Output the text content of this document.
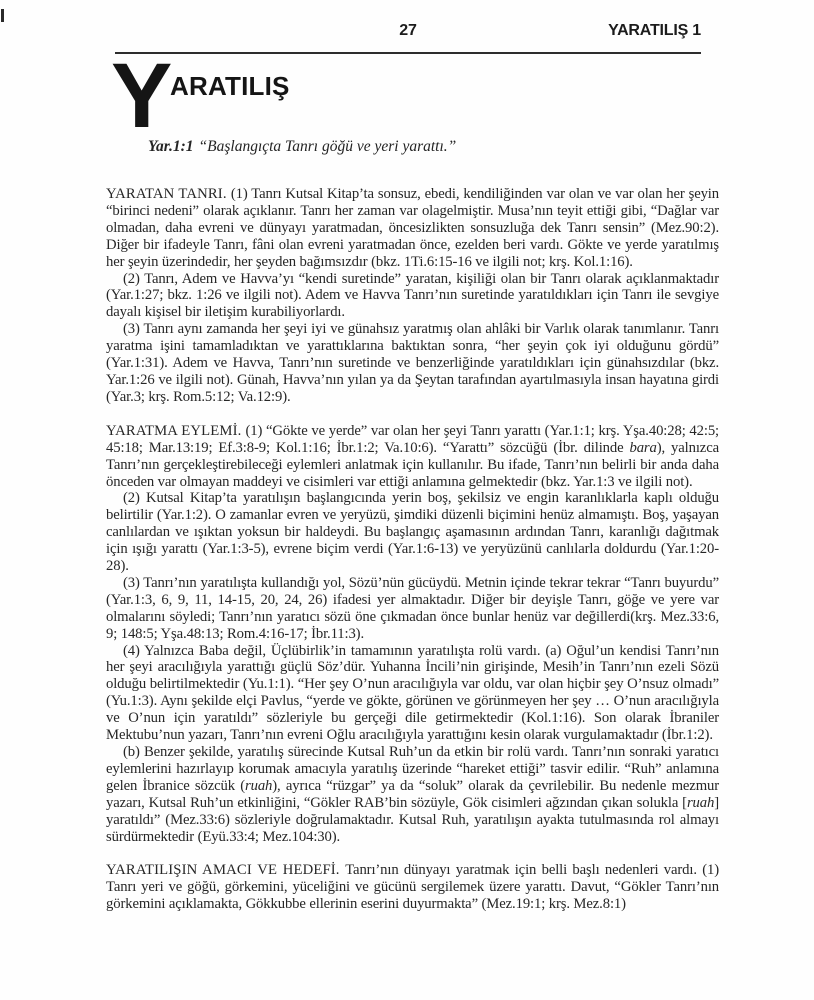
27	YARATILIŞ 1
Y ARATILIŞ
Yar.1:1 “Başlangıçta Tanrı göğü ve yeri yarattı.”

YARATAN TANRI. (1) Tanrı Kutsal Kitap’ta sonsuz, ebedi, kendiliğinden var olan ve var olan her şeyin “birinci nedeni” olarak açıklanır. Tanrı her zaman var olagelmiştir. Musa’nın teyit ettiği gibi, “Dağlar var olmadan, daha evreni ve dünyayı yaratmadan, öncesizlikten sonsuzluğa dek Tanrı sensin” (Mez.90:2). Diğer bir ifadeyle Tanrı, fâni olan evreni yaratmadan önce, ezelden beri vardı. Gökte ve yerde yaratılmış her şeyin üzerindedir, her şeyden bağımsızdır (bkz. 1Ti.6:15-16 ve ilgili not; krş. Kol.1:16).

(2) Tanrı, Adem ve Havva’yı “kendi suretinde” yaratan, kişiliği olan bir Tanrı olarak açıklanmaktadır (Yar.1:27; bkz. 1:26 ve ilgili not). Adem ve Havva Tanrı’nın suretinde yaratıldıkları için Tanrı ile sevgiye dayalı kişisel bir iletişim kurabiliyorlardı.

(3) Tanrı aynı zamanda her şeyi iyi ve günahsız yaratmış olan ahlâki bir Varlık olarak tanımlanır. Tanrı yaratma işini tamamladıktan ve yarattıklarına baktıktan sonra, “her şeyin çok iyi olduğunu gördü” (Yar.1:31). Adem ve Havva, Tanrı’nın suretinde ve benzerliğinde yaratıldıkları için günahsızdılar (bkz. Yar.1:26 ve ilgili not). Günah, Havva’nın yılan ya da Şeytan tarafından ayartılmasıyla insan hayatına girdi (Yar.3; krş. Rom.5:12; Va.12:9).

YARATMA EYLEMİ. (1) “Gökte ve yerde” var olan her şeyi Tanrı yarattı (Yar.1:1; krş. Yşa.40:28; 42:5; 45:18; Mar.13:19; Ef.3:8-9; Kol.1:16; İbr.1:2; Va.10:6). “Yarattı” sözcüğü (İbr. dilinde bara), yalnızca Tanrı’nın gerçekleştirebileceği eylemleri anlatmak için kullanılır. Bu ifade, Tanrı’nın belirli bir anda daha önceden var olmayan maddeyi ve cisimleri var ettiği anlamına gelmektedir (bkz. Yar.1:3 ve ilgili not).

(2) Kutsal Kitap’ta yaratılışın başlangıcında yerin boş, şekilsiz ve engin karanlıklarla kaplı olduğu belirtilir (Yar.1:2). O zamanlar evren ve yeryüzü, şimdiki düzenli biçimini henüz almamıştı. Boş, yaşayan canlılardan ve ışıktan yoksun bir haldeydi. Bu başlangıç aşamasının ardından Tanrı, karanlığı dağıtmak için ışığı yarattı (Yar.1:3-5), evrene biçim verdi (Yar.1:6-13) ve yeryüzünü canlılarla doldurdu (Yar.1:20-28).

(3) Tanrı’nın yaratılışta kullandığı yol, Sözü’nün gücüydü. Metnin içinde tekrar tekrar “Tanrı buyurdu” (Yar.1:3, 6, 9, 11, 14-15, 20, 24, 26) ifadesi yer almaktadır. Diğer bir deyişle Tanrı, göğe ve yere var olmalarını söyledi; Tanrı’nın yaratıcı sözü öne çıkmadan önce bunlar henüz var değillerdi(krş. Mez.33:6, 9; 148:5; Yşa.48:13; Rom.4:16-17; İbr.11:3).

(4) Yalnızca Baba değil, Üçlübirlik’in tamamının yaratılışta rolü vardı. (a) Oğul’un kendisi Tanrı’nın her şeyi aracılığıyla yarattığı güçlü Söz’dür. Yuhanna İncili’nin girişinde, Mesih’in Tanrı’nın ezeli Sözü olduğu belirtilmektedir (Yu.1:1). “Her şey O’nun aracılığıyla var oldu, var olan hiçbir şey O’nsuz olmadı” (Yu.1:3). Aynı şekilde elçi Pavlus, “yerde ve gökte, görünen ve görünmeyen her şey … O’nun aracılığıyla ve O’nun için yaratıldı” sözleriyle bu gerçeği dile getirmektedir (Kol.1:16). Son olarak İbraniler Mektubu’nun yazarı, Tanrı’nın evreni Oğlu aracılığıyla yarattığını kesin olarak vurgulamaktadır (İbr.1:2).

(b) Benzer şekilde, yaratılış sürecinde Kutsal Ruh’un da etkin bir rolü vardı. Tanrı’nın sonraki yaratıcı eylemlerini hazırlayıp korumak amacıyla yaratılış üzerinde “hareket ettiği” tasvir edilir. “Ruh” anlamına gelen İbranice sözcük (ruah), ayrıca “rüzgar” ya da “soluk” olarak da çevrilebilir. Bu nedenle mezmur yazarı, Kutsal Ruh’un etkinliğini, “Gökler RAB’bin sözüyle, Gök cisimleri ağzından çıkan solukla [ruah] yaratıldı” (Mez.33:6) sözleriyle doğrulamaktadır. Kutsal Ruh, yaratılışın ayakta tutulmasında rol almayı sürdürmektedir (Eyü.33:4; Mez.104:30).

YARATILIŞIN AMACI VE HEDEFİ. Tanrı’nın dünyayı yaratmak için belli başlı nedenleri vardı. (1) Tanrı yeri ve göğü, görkemini, yüceliğini ve gücünü sergilemek üzere yarattı. Davut, “Gökler Tanrı’nın görkemini açıklamakta, Gökkubbe ellerinin eserini duyurmakta” (Mez.19:1; krş. Mez.8:1)
